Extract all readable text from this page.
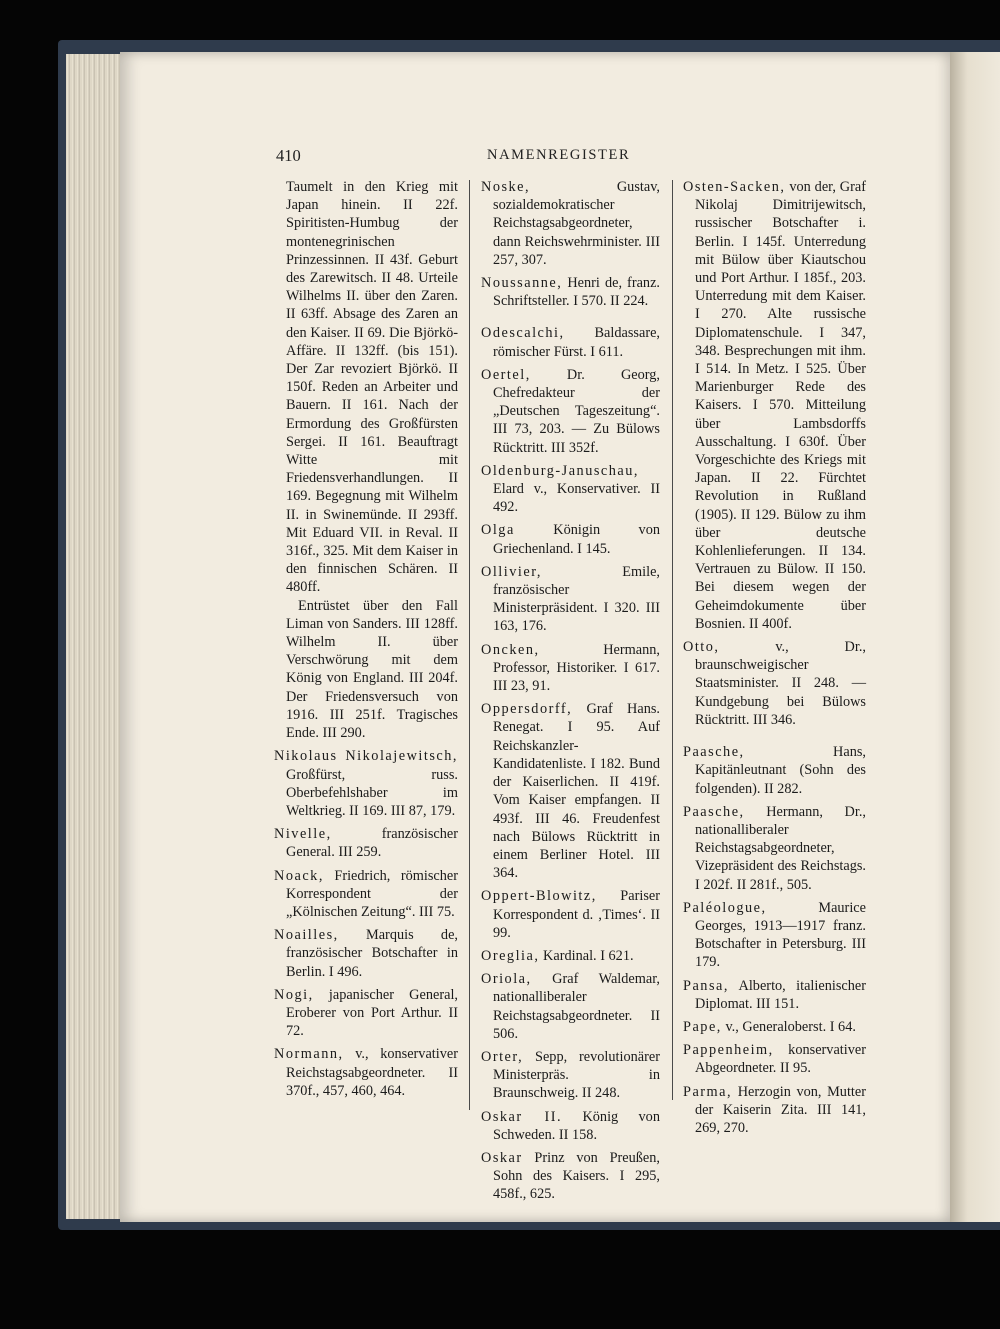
410	NAMENREGISTER

Taumelt in den Krieg mit Japan hinein. II 22f. Spiritisten-Humbug der montenegrinischen Prinzessinnen. II 43f. Geburt des Zarewitsch. II 48. Urteile Wilhelms II. über den Zaren. II 63ff. Absage des Zaren an den Kaiser. II 69. Die Björkö-Affäre. II 132ff. (bis 151). Der Zar revoziert Björkö. II 150f. Reden an Arbeiter und Bauern. II 161. Nach der Ermordung des Großfürsten Sergei. II 161. Beauftragt Witte mit Friedensverhandlungen. II 169. Begegnung mit Wilhelm II. in Swinemünde. II 293ff. Mit Eduard VII. in Reval. II 316f., 325. Mit dem Kaiser in den finnischen Schären. II 480ff.

Entrüstet über den Fall Liman von Sanders. III 128ff. Wilhelm II. über Verschwörung mit dem König von England. III 204f. Der Friedensversuch von 1916. III 251f. Tragisches Ende. III 290.

Nikolaus Nikolajewitsch, Großfürst, russ. Oberbefehlshaber im Weltkrieg. II 169. III 87, 179.

Nivelle, französischer General. III 259.

Noack, Friedrich, römischer Korrespondent der „Kölnischen Zeitung“. III 75.

Noailles, Marquis de, französischer Botschafter in Berlin. I 496.

Nogi, japanischer General, Eroberer von Port Arthur. II 72.

Normann, v., konservativer Reichstagsabgeordneter. II 370f., 457, 460, 464.

Noske, Gustav, sozialdemokratischer Reichstagsabgeordneter, dann Reichswehrminister. III 257, 307.

Noussanne, Henri de, franz. Schriftsteller. I 570. II 224.

Odescalchi, Baldassare, römischer Fürst. I 611.

Oertel, Dr. Georg, Chefredakteur der „Deutschen Tageszeitung“. III 73, 203. — Zu Bülows Rücktritt. III 352f.

Oldenburg-Januschau, Elard v., Konservativer. II 492.

Olga Königin von Griechenland. I 145.

Ollivier, Emile, französischer Ministerpräsident. I 320. III 163, 176.

Oncken, Hermann, Professor, Historiker. I 617. III 23, 91.

Oppersdorff, Graf Hans. Renegat. I 95. Auf Reichskanzler-Kandidatenliste. I 182. Bund der Kaiserlichen. II 419f. Vom Kaiser empfangen. II 493f. III 46. Freudenfest nach Bülows Rücktritt in einem Berliner Hotel. III 364.

Oppert-Blowitz, Pariser Korrespondent d. ‚Times‘. II 99.

Oreglia, Kardinal. I 621.

Oriola, Graf Waldemar, nationalliberaler Reichstagsabgeordneter. II 506.

Orter, Sepp, revolutionärer Ministerpräs. in Braunschweig. II 248.

Oskar II. König von Schweden. II 158.

Oskar Prinz von Preußen, Sohn des Kaisers. I 295, 458f., 625.

Osten-Sacken, von der, Graf Nikolaj Dimitrijewitsch, russischer Botschafter i. Berlin. I 145f. Unterredung mit Bülow über Kiautschou und Port Arthur. I 185f., 203. Unterredung mit dem Kaiser. I 270. Alte russische Diplomatenschule. I 347, 348. Besprechungen mit ihm. I 514. In Metz. I 525. Über Marienburger Rede des Kaisers. I 570. Mitteilung über Lambsdorffs Ausschaltung. I 630f. Über Vorgeschichte des Kriegs mit Japan. II 22. Fürchtet Revolution in Rußland (1905). II 129. Bülow zu ihm über deutsche Kohlenlieferungen. II 134. Vertrauen zu Bülow. II 150. Bei diesem wegen der Geheimdokumente über Bosnien. II 400f.

Otto, v., Dr., braunschweigischer Staatsminister. II 248. — Kundgebung bei Bülows Rücktritt. III 346.

Paasche, Hans, Kapitänleutnant (Sohn des folgenden). II 282.

Paasche, Hermann, Dr., nationalliberaler Reichstagsabgeordneter, Vizepräsident des Reichstags. I 202f. II 281f., 505.

Paléologue, Maurice Georges, 1913—1917 franz. Botschafter in Petersburg. III 179.

Pansa, Alberto, italienischer Diplomat. III 151.

Pape, v., Generaloberst. I 64.

Pappenheim, konservativer Abgeordneter. II 95.

Parma, Herzogin von, Mutter der Kaiserin Zita. III 141, 269, 270.
